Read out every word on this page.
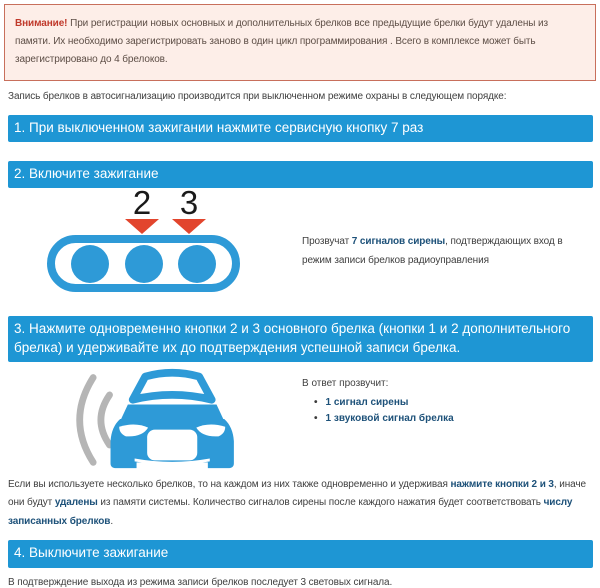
Внимание! При регистрации новых основных и дополнительных брелков все предыдущие брелки будут удалены из памяти. Их необходимо зарегистрировать заново в один цикл программирования . Всего в комплексе может быть зарегистрировано до 4 брелоков.

Запись брелков в автосигнализацию производится при выключенном режиме охраны в следующем порядке:

1. При выключенном зажигании нажмите сервисную кнопку 7 раз
2. Включите зажигание
2 3

Прозвучат 7 сигналов сирены, подтверждающих вход в режим записи брелков радиоуправления

3. Нажмите одновременно кнопки 2 и 3 основного брелка (кнопки 1 и 2 дополнительного брелка) и удерживайте их до подтверждения успешной записи брелка.

В ответ прозвучит:

• 1 сигнал сирены
• 1 звуковой сигнал брелка

Если вы используете несколько брелков, то на каждом из них также одновременно и удерживая нажмите кнопки 2 и 3, иначе они будут удалены из памяти системы. Количество сигналов сирены после каждого нажатия будет соответствовать числу записанных брелков.

4. Выключите зажигание

В подтверждение выхода из режима записи брелков последует 3 световых сигнала.
